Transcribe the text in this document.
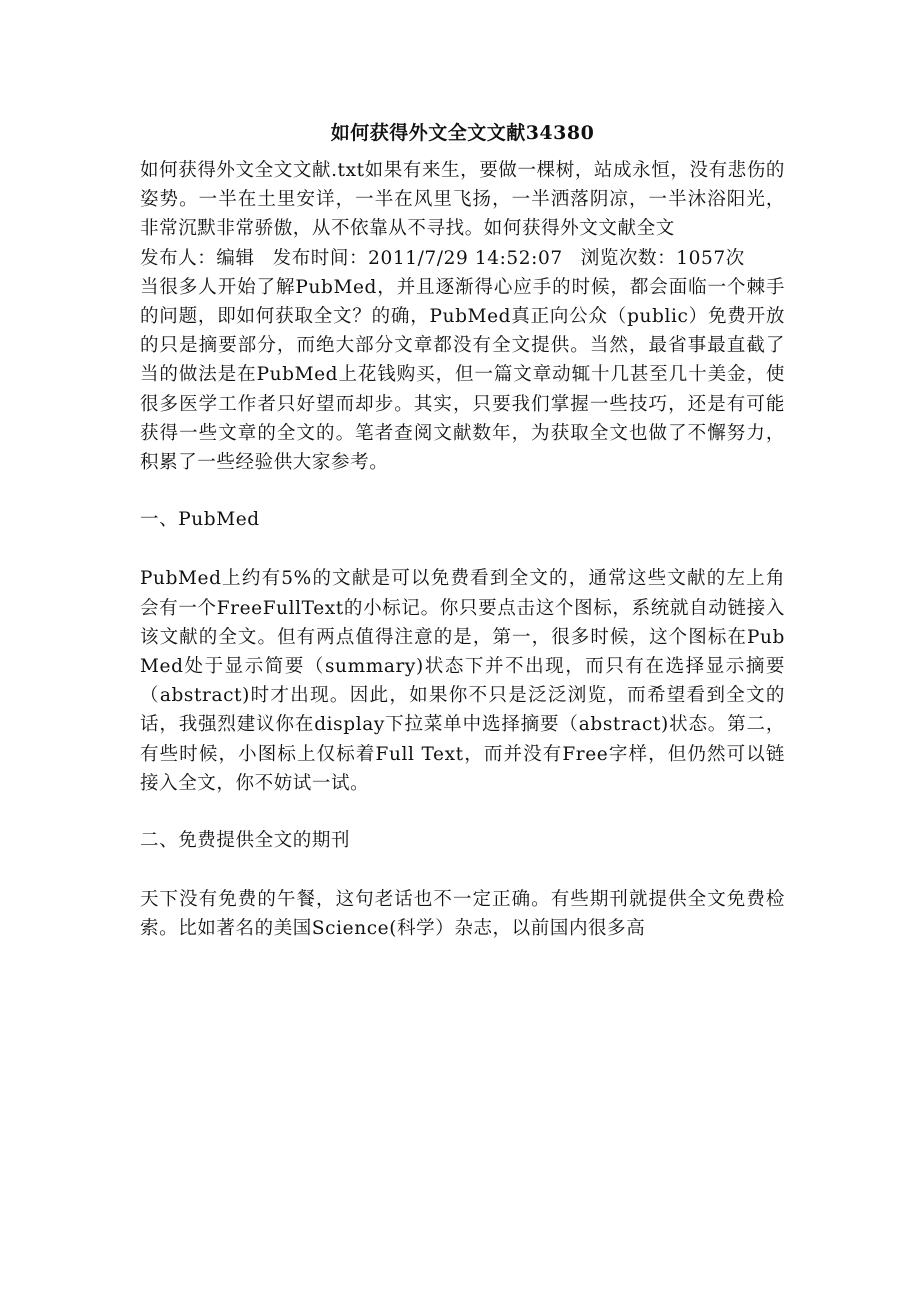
如何获得外文全文文献34380

如何获得外文全文文献.txt如果有来生，要做一棵树，站成永恒，没有悲伤的姿势。一半在土里安详，一半在风里飞扬，一半洒落阴凉，一半沐浴阳光，非常沉默非常骄傲，从不依靠从不寻找。如何获得外文文献全文

发布人：编辑 发布时间：2011/7/29 14:52:07 浏览次数：1057次

当很多人开始了解PubMed，并且逐渐得心应手的时候，都会面临一个棘手的问题，即如何获取全文？的确，PubMed真正向公众（public）免费开放的只是摘要部分，而绝大部分文章都没有全文提供。当然，最省事最直截了当的做法是在PubMed上花钱购买，但一篇文章动辄十几甚至几十美金，使很多医学工作者只好望而却步。其实，只要我们掌握一些技巧，还是有可能获得一些文章的全文的。笔者查阅文献数年，为获取全文也做了不懈努力，积累了一些经验供大家参考。

一、PubMed

PubMed上约有5%的文献是可以免费看到全文的，通常这些文献的左上角会有一个FreeFullText的小标记。你只要点击这个图标，系统就自动链接入该文献的全文。但有两点值得注意的是，第一，很多时候，这个图标在PubMed处于显示简要（summary)状态下并不出现，而只有在选择显示摘要（abstract)时才出现。因此，如果你不只是泛泛浏览，而希望看到全文的话，我强烈建议你在display下拉菜单中选择摘要（abstract)状态。第二，有些时候，小图标上仅标着Full Text，而并没有Free字样，但仍然可以链接入全文，你不妨试一试。

二、免费提供全文的期刊

天下没有免费的午餐，这句老话也不一定正确。有些期刊就提供全文免费检索。比如著名的美国Science(科学）杂志，以前国内很多高
